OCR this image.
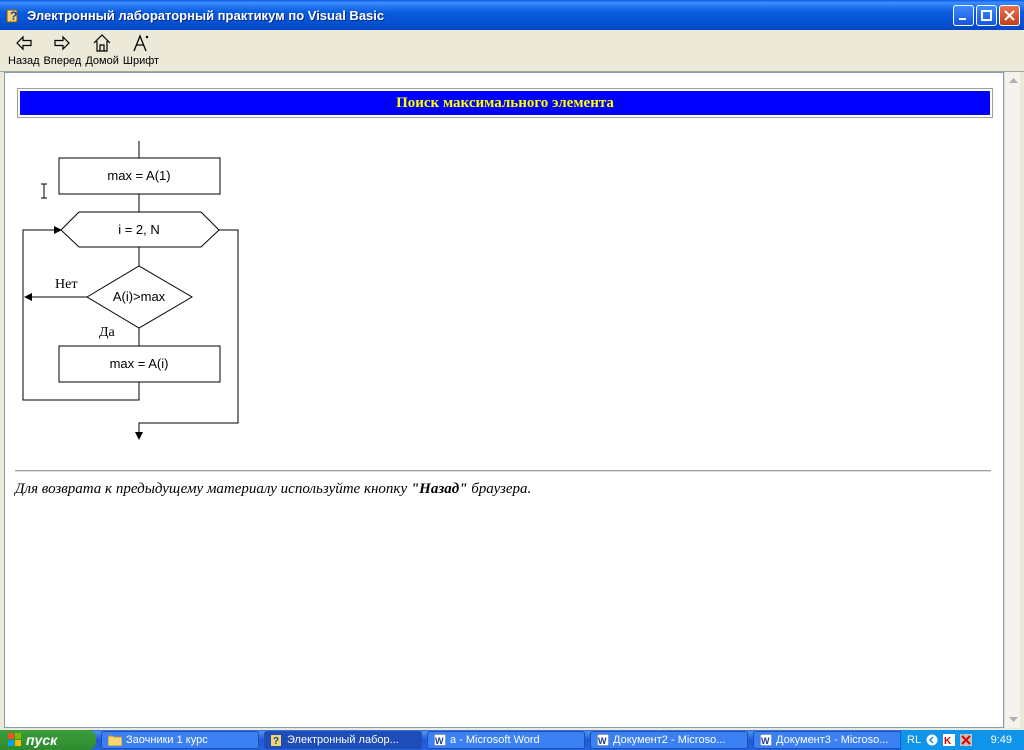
? Электронный лабораторный практикум по Visual Basic
Назад Вперед Домой Шрифт
Поиск максимального элемента
max = A(1)
i = 2, N
A(i)>max
Нет
Да
max = A(i)
Для возврата к предыдущему материалу используйте кнопку "Назад" браузера.
пуск	Заочники 1 курс	? Электронный лабор...	W a - Microsoft Word	W Документ2 - Microso...	W Документ3 - Microso... RL K	9:49
